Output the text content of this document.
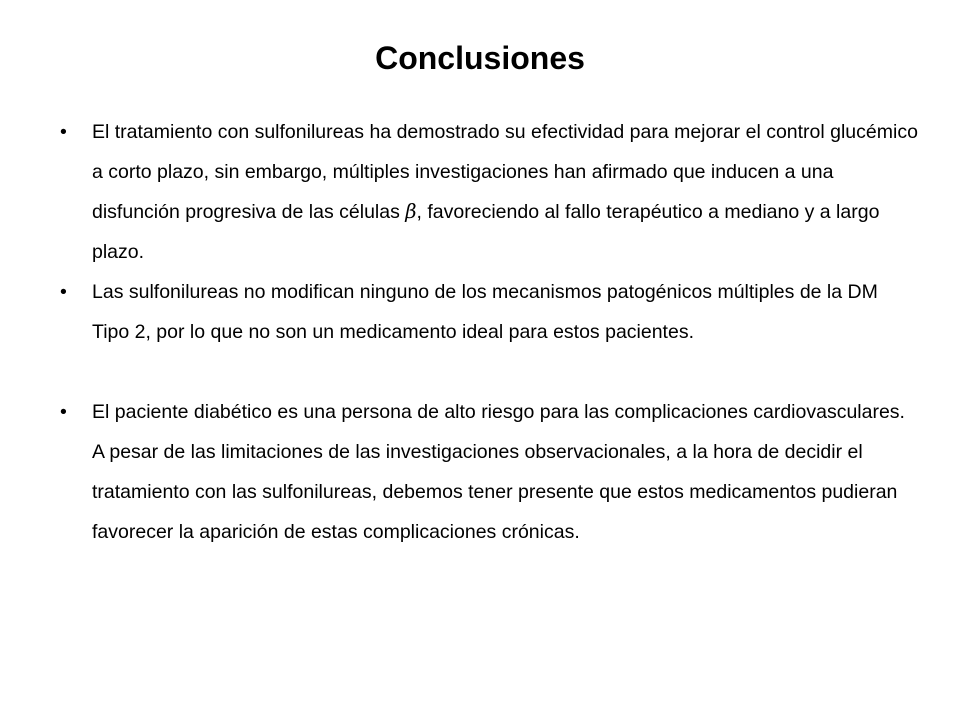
Conclusiones
•	El tratamiento con sulfonilureas ha demostrado su efectividad para mejorar el control glucémico a corto plazo, sin embargo, múltiples investigaciones han afirmado que inducen a una disfunción progresiva de las células β, favoreciendo al fallo terapéutico a mediano y a largo plazo.
•	Las sulfonilureas no modifican ninguno de los mecanismos patogénicos múltiples de la DM Tipo 2, por lo que no son un medicamento ideal para estos pacientes.
•	El paciente diabético es una persona de alto riesgo para las complicaciones cardiovasculares. A pesar de las limitaciones de las investigaciones observacionales, a la hora de decidir el tratamiento con las sulfonilureas, debemos tener presente que estos medicamentos pudieran favorecer la aparición de estas complicaciones crónicas.
